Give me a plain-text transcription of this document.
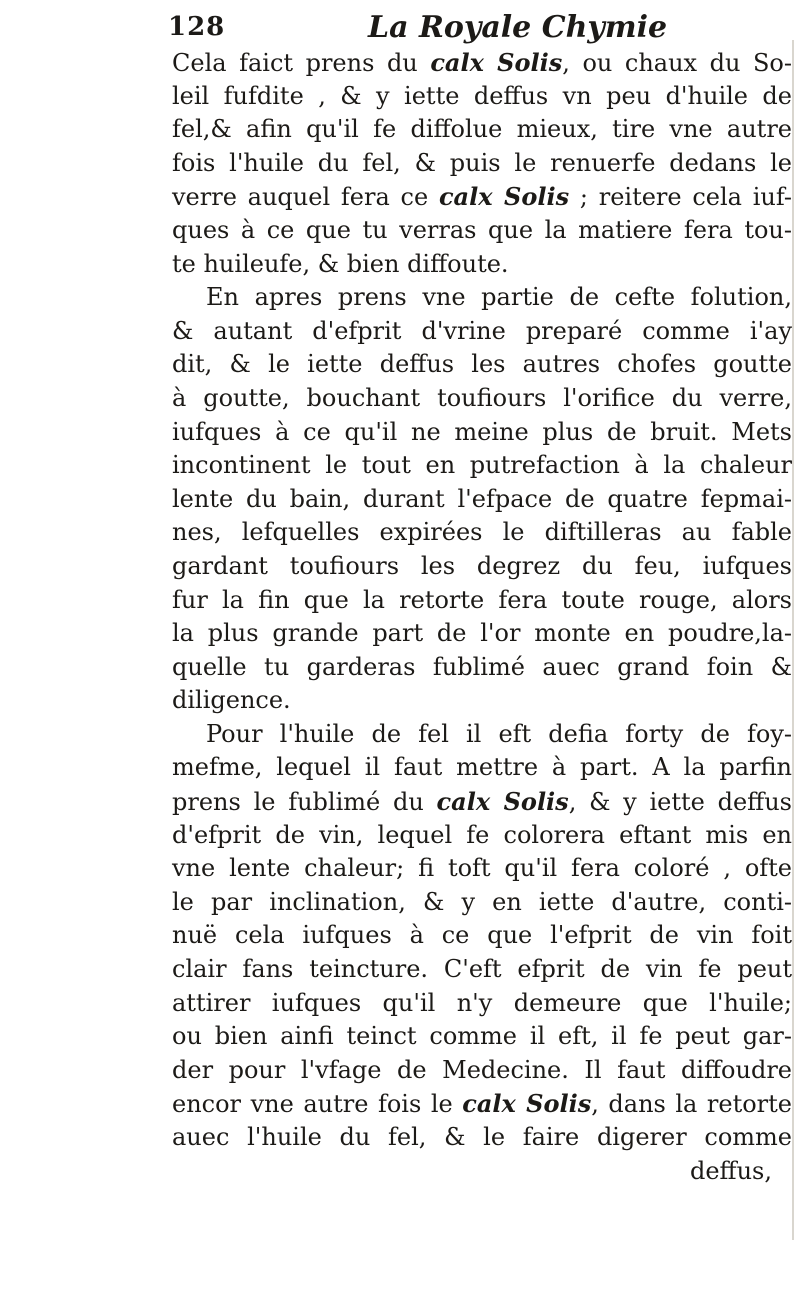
128	La Royale Chymie
Cela faict prens du calx Solis, ou chaux du So-
leil fufdite , & y iette deffus vn peu d'huile de
fel,& afin qu'il fe diffolue mieux, tire vne autre
fois l'huile du fel, & puis le renuerfe dedans le
verre auquel fera ce calx Solis ; reitere cela iuf-
ques à ce que tu verras que la matiere fera tou-
te huileufe, & bien diffoute.
En apres prens vne partie de cefte folution,
& autant d'efprit d'vrine preparé comme i'ay
dit, & le iette deffus les autres chofes goutte
à goutte, bouchant toufiours l'orifice du verre,
iufques à ce qu'il ne meine plus de bruit. Mets
incontinent le tout en putrefaction à la chaleur
lente du bain, durant l'efpace de quatre fepmai-
nes, lefquelles expirées le diftilleras au fable
gardant toufiours les degrez du feu, iufques
fur la fin que la retorte fera toute rouge, alors
la plus grande part de l'or monte en poudre,la-
quelle tu garderas fublimé auec grand foin &
diligence.
Pour l'huile de fel il eft defia forty de foy-
mefme, lequel il faut mettre à part. A la parfin
prens le fublimé du calx Solis, & y iette deffus
d'efprit de vin, lequel fe colorera eftant mis en
vne lente chaleur; fi toft qu'il fera coloré , ofte
le par inclination, & y en iette d'autre, conti-
nuë cela iufques à ce que l'efprit de vin foit
clair fans teincture. C'eft efprit de vin fe peut
attirer iufques qu'il n'y demeure que l'huile;
ou bien ainfi teinct comme il eft, il fe peut gar-
der pour l'vfage de Medecine. Il faut diffoudre
encor vne autre fois le calx Solis, dans la retorte
auec l'huile du fel, & le faire digerer comme
deffus,
